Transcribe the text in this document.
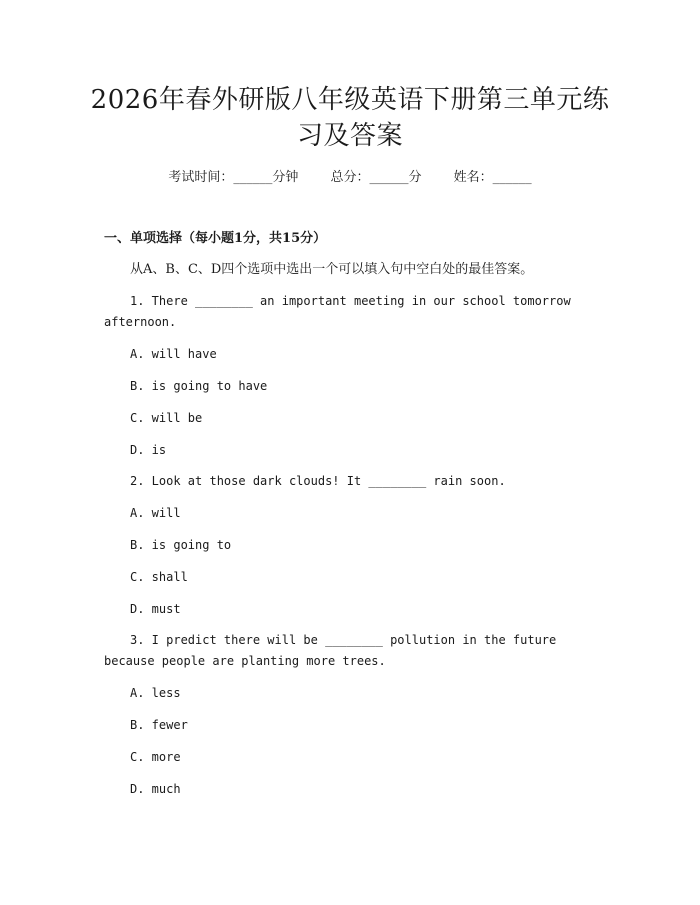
2026年春外研版八年级英语下册第三单元练
习及答案
考试时间：______分钟 总分：______分 姓名：______
一、单项选择（每小题1分，共15分）
从A、B、C、D四个选项中选出一个可以填入句中空白处的最佳答案。
1. There ________ an important meeting in our school tomorrow afternoon.
A. will have
B. is going to have
C. will be
D. is
2. Look at those dark clouds! It ________ rain soon.
A. will
B. is going to
C. shall
D. must
3. I predict there will be ________ pollution in the future because people are planting more trees.
A. less
B. fewer
C. more
D. much
